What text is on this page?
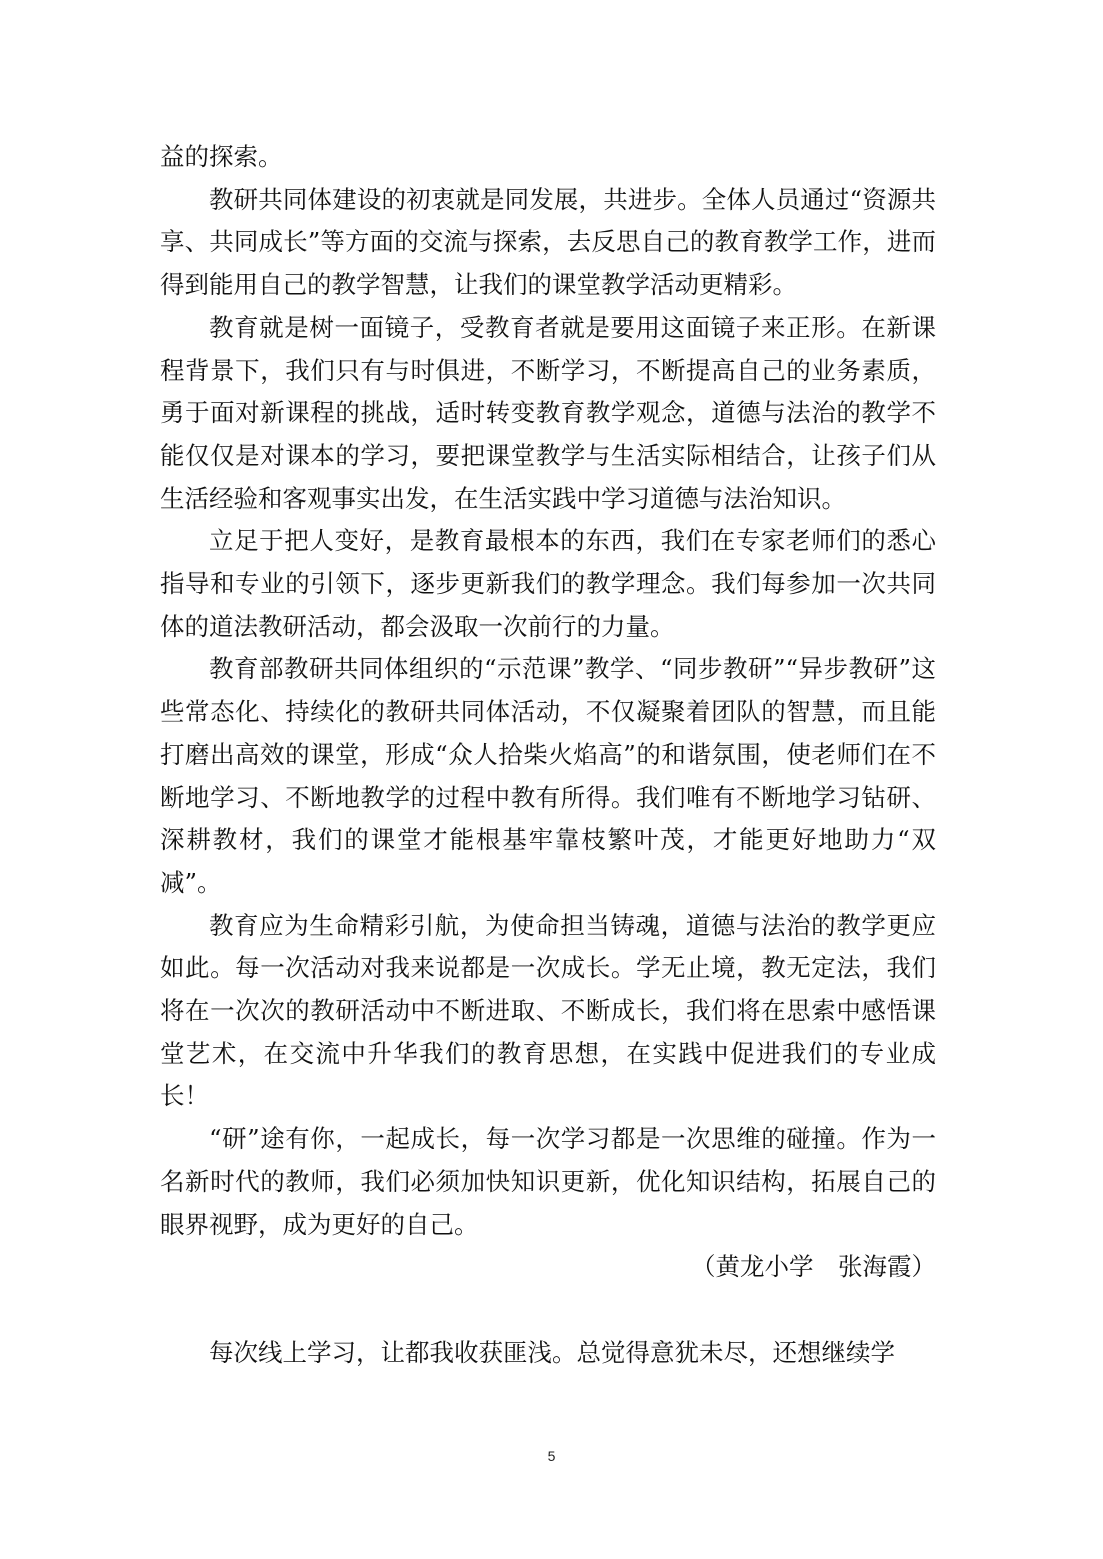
益的探索。

教研共同体建设的初衷就是同发展，共进步。全体人员通过“资源共享、共同成长”等方面的交流与探索，去反思自己的教育教学工作，进而得到能用自己的教学智慧，让我们的课堂教学活动更精彩。

教育就是树一面镜子，受教育者就是要用这面镜子来正形。在新课程背景下，我们只有与时俱进，不断学习，不断提高自己的业务素质，勇于面对新课程的挑战，适时转变教育教学观念，道德与法治的教学不能仅仅是对课本的学习，要把课堂教学与生活实际相结合，让孩子们从生活经验和客观事实出发，在生活实践中学习道德与法治知识。

立足于把人变好，是教育最根本的东西，我们在专家老师们的悉心指导和专业的引领下，逐步更新我们的教学理念。我们每参加一次共同体的道法教研活动，都会汲取一次前行的力量。

教育部教研共同体组织的“示范课”教学、“同步教研”“异步教研”这些常态化、持续化的教研共同体活动，不仅凝聚着团队的智慧，而且能打磨出高效的课堂，形成“众人拾柴火焰高”的和谐氛围，使老师们在不断地学习、不断地教学的过程中教有所得。我们唯有不断地学习钻研、深耕教材，我们的课堂才能根基牢靠枝繁叶茂，才能更好地助力“双减”。

教育应为生命精彩引航，为使命担当铸魂，道德与法治的教学更应如此。每一次活动对我来说都是一次成长。学无止境，教无定法，我们将在一次次的教研活动中不断进取、不断成长，我们将在思索中感悟课堂艺术，在交流中升华我们的教育思想，在实践中促进我们的专业成长！

“研”途有你，一起成长，每一次学习都是一次思维的碰撞。作为一名新时代的教师，我们必须加快知识更新，优化知识结构，拓展自己的眼界视野，成为更好的自己。

（黄龙小学　张海霞）

每次线上学习，让都我收获匪浅。总觉得意犹未尽，还想继续学

5
